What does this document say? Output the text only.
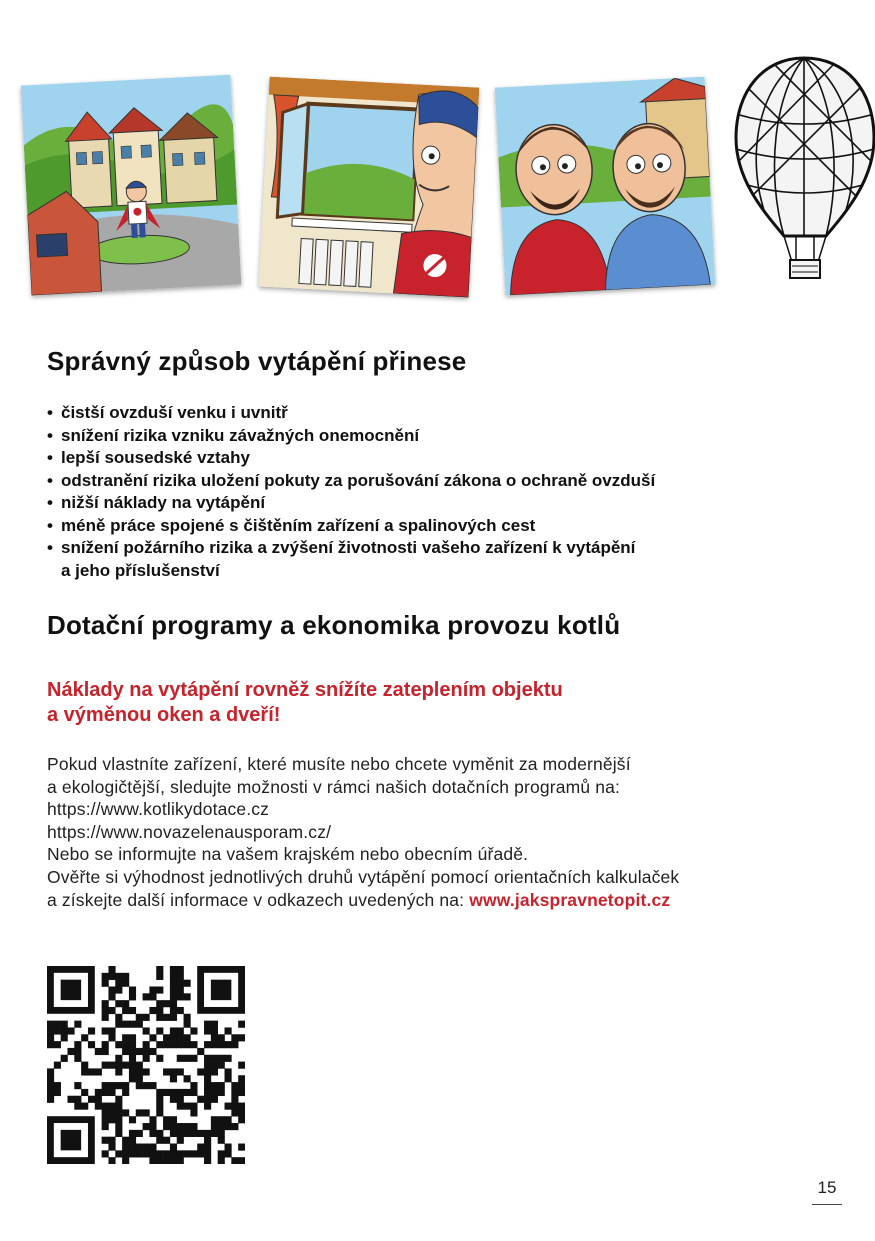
Správný způsob vytápění přinese
• čistší ovzduší venku i uvnitř
• snížení rizika vzniku závažných onemocnění
• lepší sousedské vztahy
• odstranění rizika uložení pokuty za porušování zákona o ochraně ovzduší
• nižší náklady na vytápění
• méně práce spojené s čištěním zařízení a spalinových cest
• snížení požárního rizika a zvýšení životnosti vašeho zařízení k vytápění
a jeho příslušenství
Dotační programy a ekonomika provozu kotlů

Náklady na vytápění rovněž snížíte zateplením objektu
a výměnou oken a dveří!

Pokud vlastníte zařízení, které musíte nebo chcete vyměnit za modernější
a ekologičtější, sledujte možnosti v rámci našich dotačních programů na:
https://www.kotlikydotace.cz
https://www.novazelenausporam.cz/
Nebo se informujte na vašem krajském nebo obecním úřadě.
Ověřte si výhodnost jednotlivých druhů vytápění pomocí orientačních kalkulaček
a získejte další informace v odkazech uvedených na: www.jakspravnetopit.cz

15
